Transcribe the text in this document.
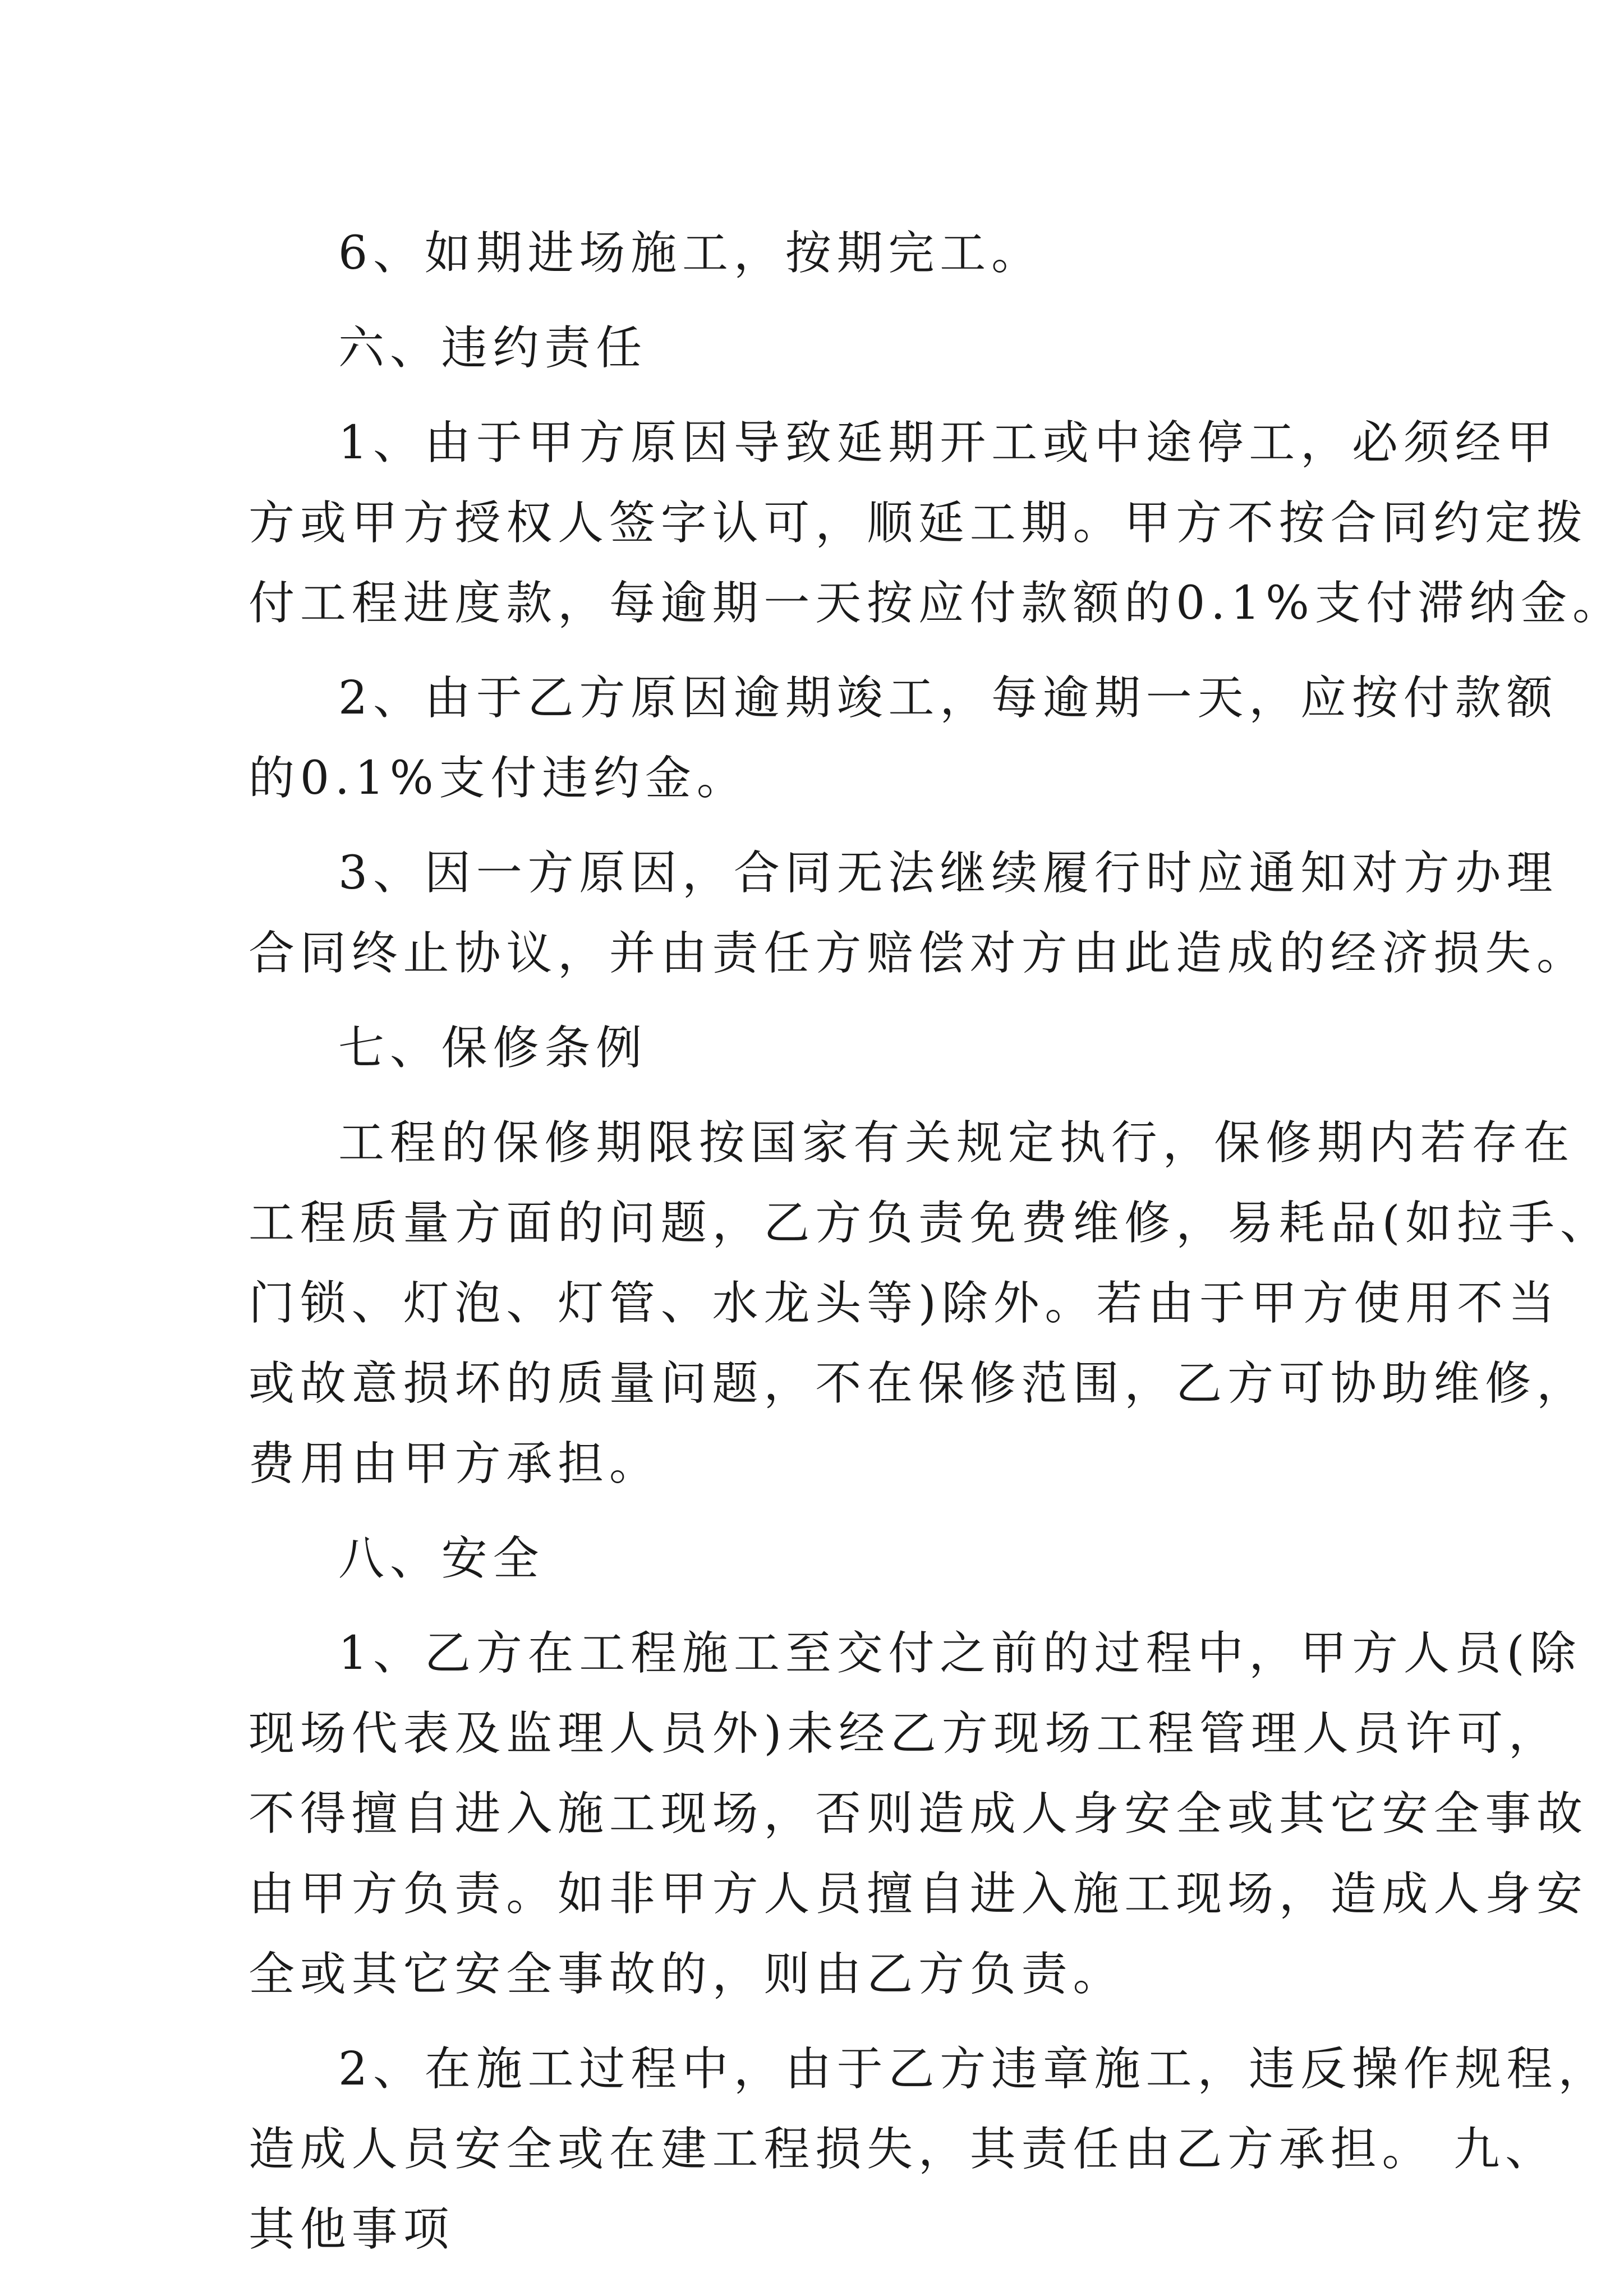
6、如期进场施工，按期完工。
六、违约责任
1、由于甲方原因导致延期开工或中途停工，必须经甲
方或甲方授权人签字认可，顺延工期。甲方不按合同约定拨
付工程进度款，每逾期一天按应付款额的0.1%支付滞纳金。
2、由于乙方原因逾期竣工，每逾期一天，应按付款额
的0.1%支付违约金。
3、因一方原因，合同无法继续履行时应通知对方办理
合同终止协议，并由责任方赔偿对方由此造成的经济损失。
七、保修条例
工程的保修期限按国家有关规定执行，保修期内若存在
工程质量方面的问题，乙方负责免费维修，易耗品(如拉手、
门锁、灯泡、灯管、水龙头等)除外。若由于甲方使用不当
或故意损坏的质量问题，不在保修范围，乙方可协助维修，
费用由甲方承担。
八、安全
1、乙方在工程施工至交付之前的过程中，甲方人员(除
现场代表及监理人员外)未经乙方现场工程管理人员许可，
不得擅自进入施工现场，否则造成人身安全或其它安全事故
由甲方负责。如非甲方人员擅自进入施工现场，造成人身安
全或其它安全事故的，则由乙方负责。
2、在施工过程中，由于乙方违章施工，违反操作规程，
造成人员安全或在建工程损失，其责任由乙方承担。 九、
其他事项
